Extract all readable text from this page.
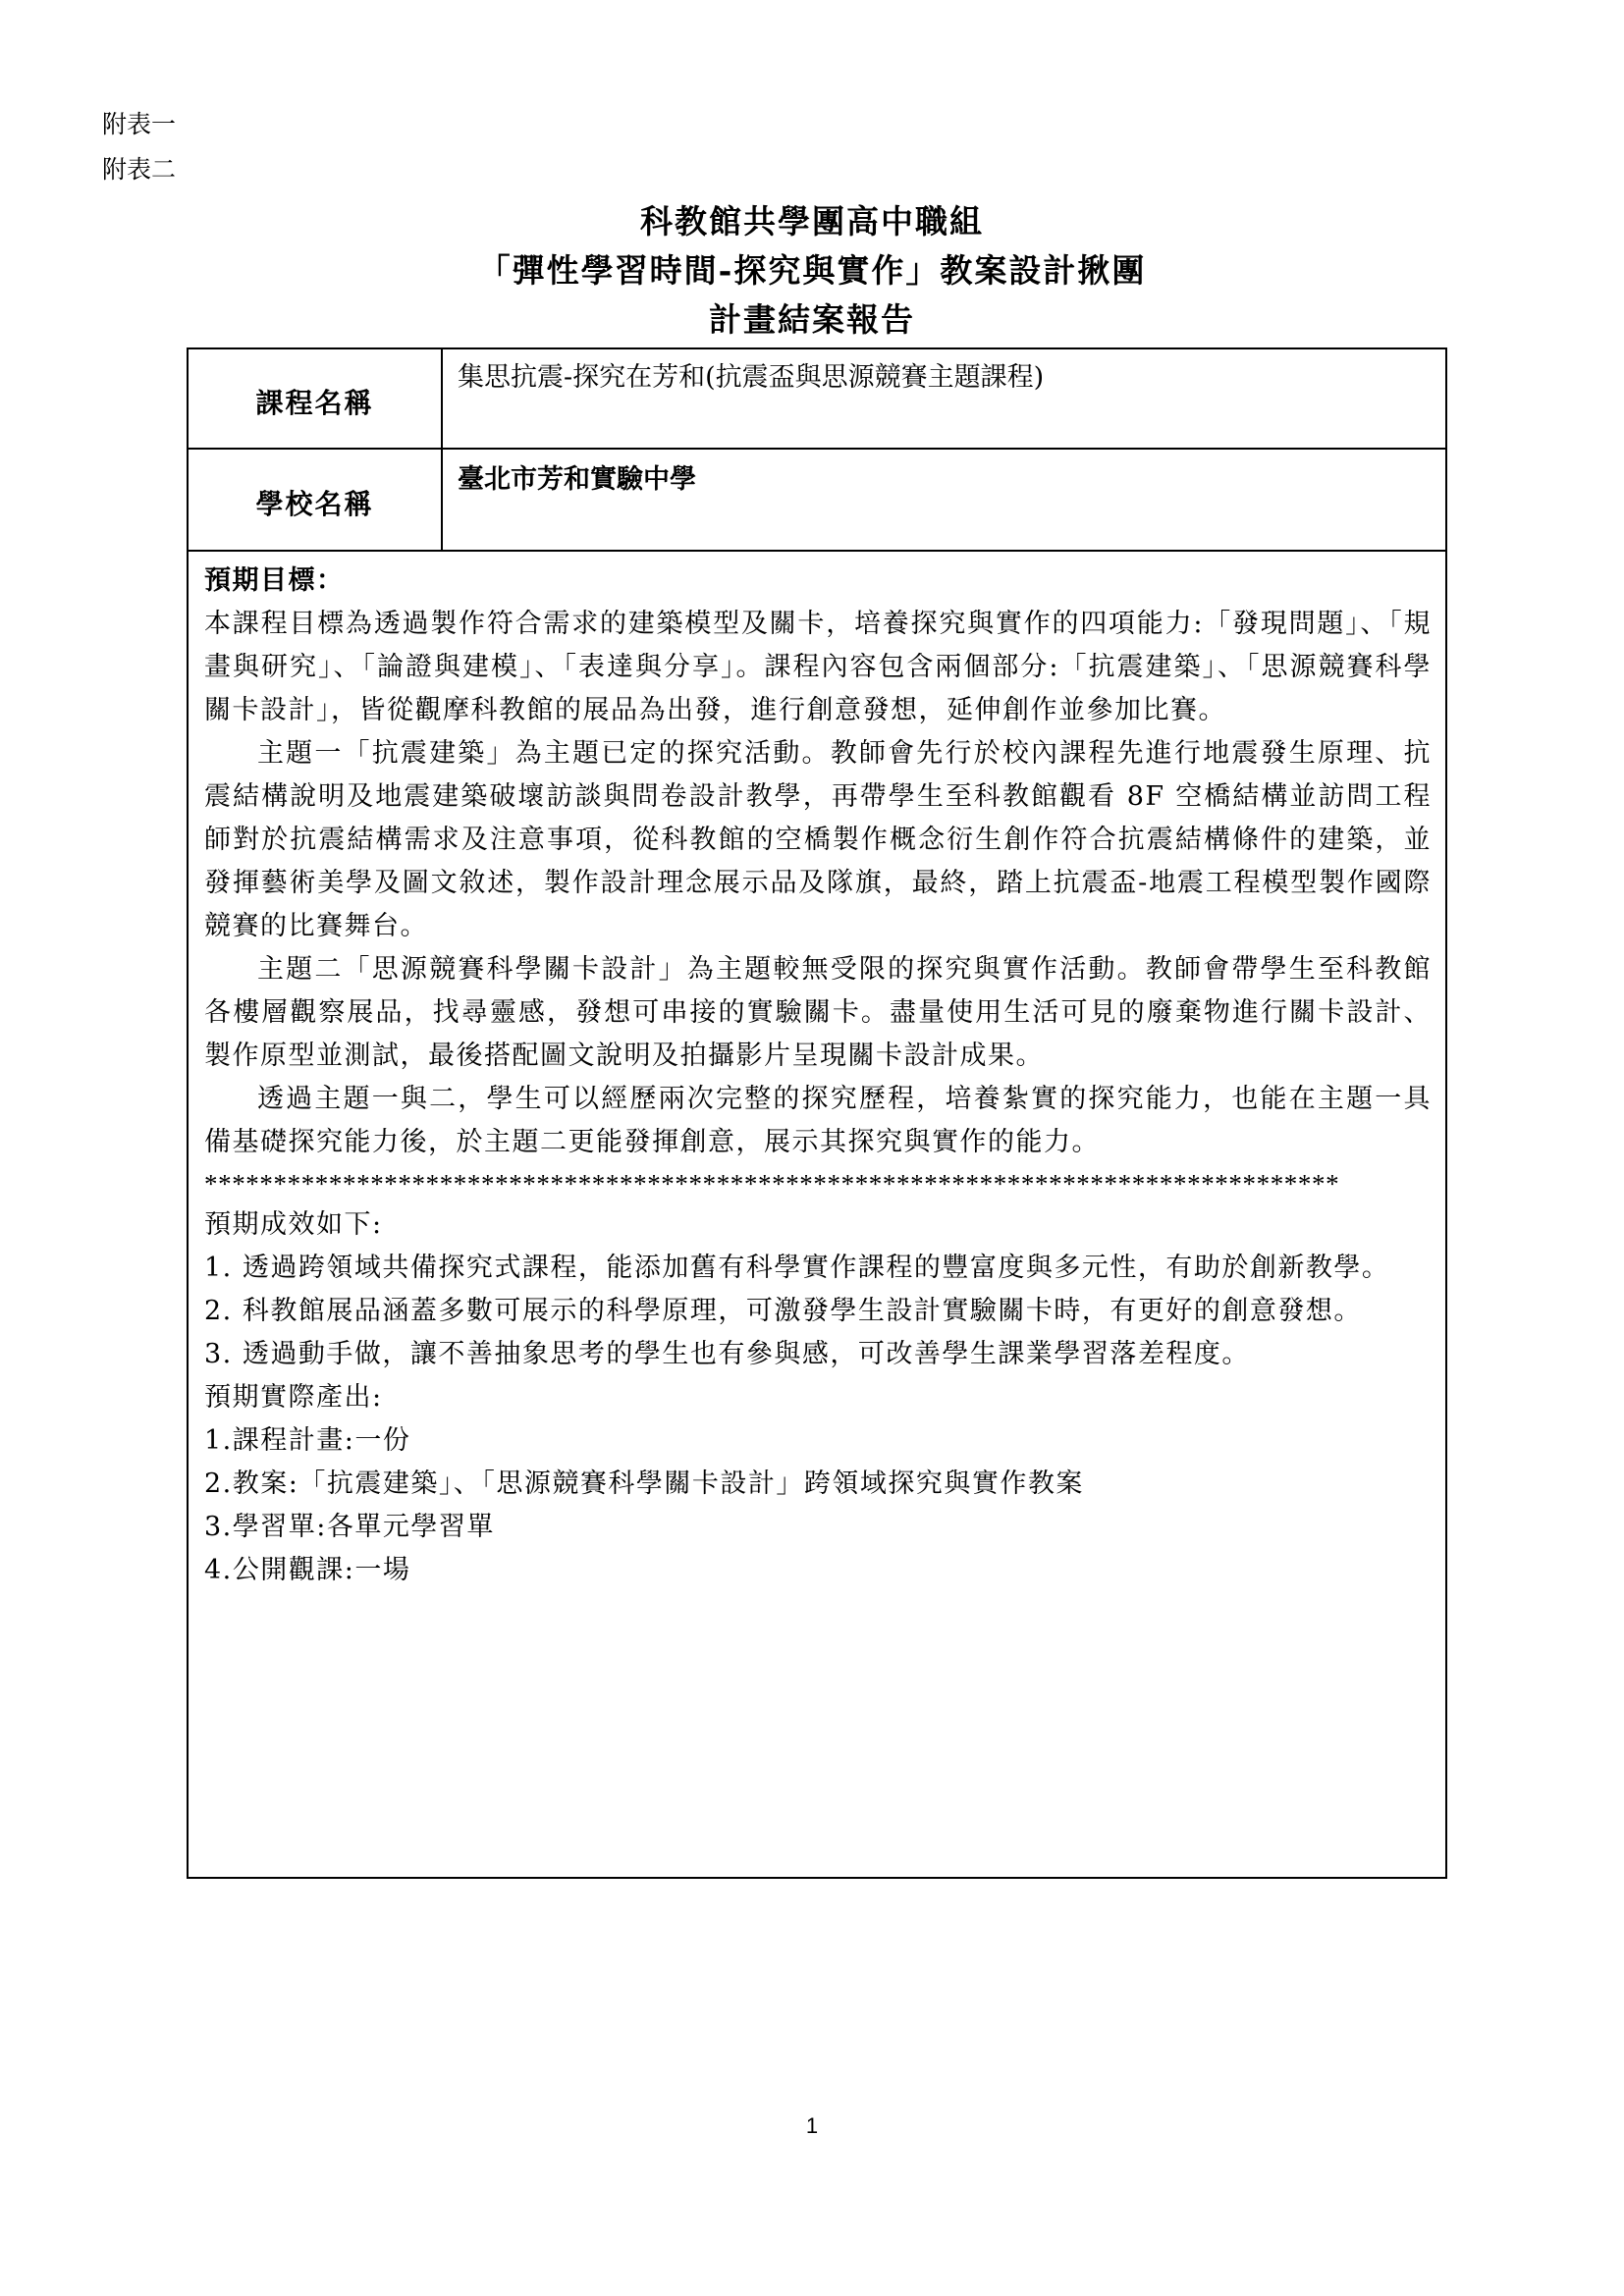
附表一
附表二
科教館共學團高中職組
「彈性學習時間-探究與實作」教案設計揪團
計畫結案報告
課程名稱
集思抗震-探究在芳和(抗震盃與思源競賽主題課程)
學校名稱
臺北市芳和實驗中學

預期目標：

本課程目標為透過製作符合需求的建築模型及關卡，培養探究與實作的四項能力:「發現問題」、「規畫與研究」、「論證與建模」、「表達與分享」。課程內容包含兩個部分:「抗震建築」、「思源競賽科學關卡設計」，皆從觀摩科教館的展品為出發，進行創意發想，延伸創作並參加比賽。

主題一「抗震建築」為主題已定的探究活動。教師會先行於校內課程先進行地震發生原理、抗震結構說明及地震建築破壞訪談與問卷設計教學，再帶學生至科教館觀看 8F 空橋結構並訪問工程師對於抗震結構需求及注意事項，從科教館的空橋製作概念衍生創作符合抗震結構條件的建築，並發揮藝術美學及圖文敘述，製作設計理念展示品及隊旗，最終，踏上抗震盃-地震工程模型製作國際競賽的比賽舞台。

主題二「思源競賽科學關卡設計」為主題較無受限的探究與實作活動。教師會帶學生至科教館各樓層觀察展品，找尋靈感，發想可串接的實驗關卡。盡量使用生活可見的廢棄物進行關卡設計、製作原型並測試，最後搭配圖文說明及拍攝影片呈現關卡設計成果。

透過主題一與二，學生可以經歷兩次完整的探究歷程，培養紮實的探究能力，也能在主題一具備基礎探究能力後，於主題二更能發揮創意，展示其探究與實作的能力。

**********************************************************************************

預期成效如下:

1. 透過跨領域共備探究式課程，能添加舊有科學實作課程的豐富度與多元性，有助於創新教學。

2. 科教館展品涵蓋多數可展示的科學原理，可激發學生設計實驗關卡時，有更好的創意發想。

3. 透過動手做，讓不善抽象思考的學生也有參與感，可改善學生課業學習落差程度。

預期實際產出:

1.課程計畫:一份

2.教案:「抗震建築」、「思源競賽科學關卡設計」跨領域探究與實作教案

3.學習單:各單元學習單

4.公開觀課:一場

1
